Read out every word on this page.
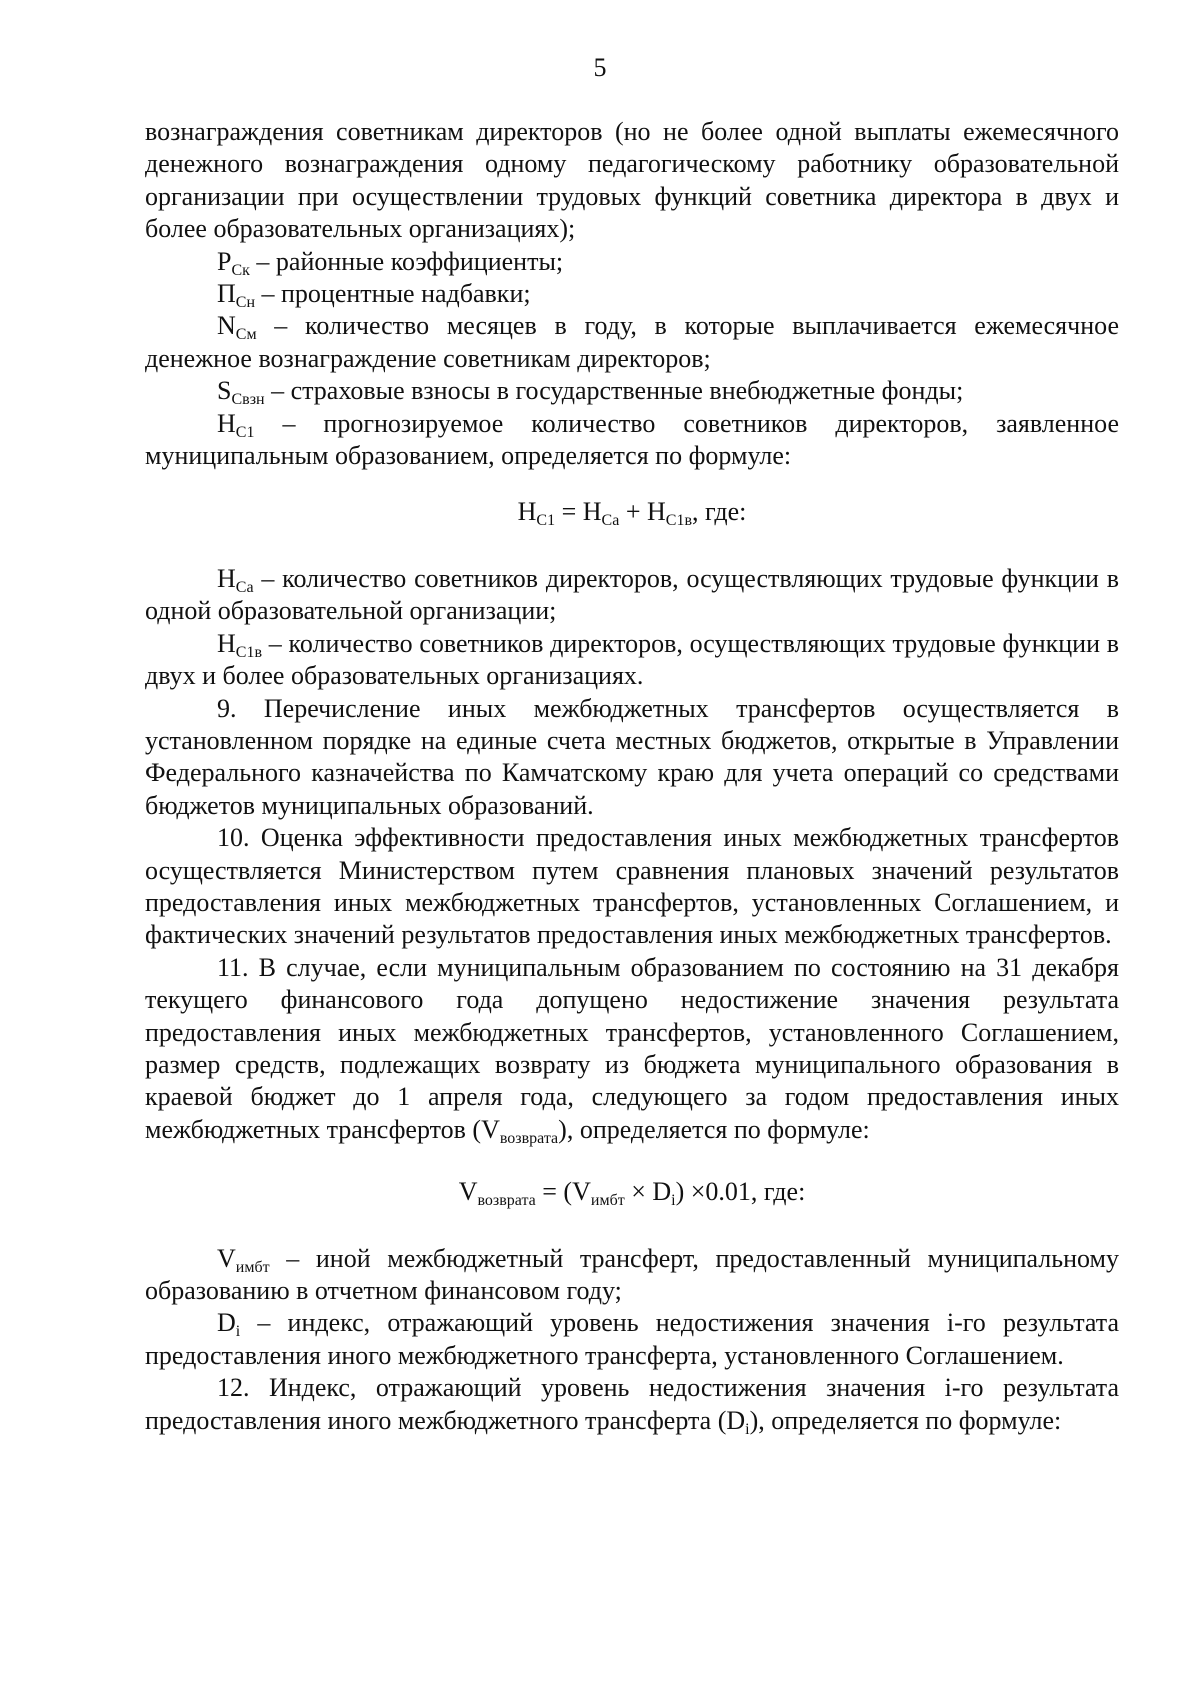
5

вознаграждения советникам директоров (но не более одной выплаты ежемесячного денежного вознаграждения одному педагогическому работнику образовательной организации при осуществлении трудовых функций советника директора в двух и более образовательных организациях);

$Р_{Ск}$ – районные коэффициенты;

$П_{Сн}$ – процентные надбавки;

$N_{См}$ – количество месяцев в году, в которые выплачивается ежемесячное денежное вознаграждение советникам директоров;

$S_{Свзн}$ – страховые взносы в государственные внебюджетные фонды;

$Н_{С1}$ – прогнозируемое количество советников директоров, заявленное муниципальным образованием, определяется по формуле:

$Н_{С1} = Н_{Са} + Н_{С1в}$, где:

$Н_{Са}$ – количество советников директоров, осуществляющих трудовые функции в одной образовательной организации;

$Н_{С1в}$ – количество советников директоров, осуществляющих трудовые функции в двух и более образовательных организациях.

9. Перечисление иных межбюджетных трансфертов осуществляется в установленном порядке на единые счета местных бюджетов, открытые в Управлении Федерального казначейства по Камчатскому краю для учета операций со средствами бюджетов муниципальных образований.

10. Оценка эффективности предоставления иных межбюджетных трансфертов осуществляется Министерством путем сравнения плановых значений результатов предоставления иных межбюджетных трансфертов, установленных Соглашением, и фактических значений результатов предоставления иных межбюджетных трансфертов.

11. В случае, если муниципальным образованием по состоянию на 31 декабря текущего финансового года допущено недостижение значения результата предоставления иных межбюджетных трансфертов, установленного Соглашением, размер средств, подлежащих возврату из бюджета муниципального образования в краевой бюджет до 1 апреля года, следующего за годом предоставления иных межбюджетных трансфертов $(V_{возврата})$, определяется по формуле:

$V_{возврата} = (V_{имбт} \times D_i) \times 0.01$, где:

$V_{имбт}$ – иной межбюджетный трансферт, предоставленный муниципальному образованию в отчетном финансовом году;

$D_i$ – индекс, отражающий уровень недостижения значения i-го результата предоставления иного межбюджетного трансферта, установленного Соглашением.

12. Индекс, отражающий уровень недостижения значения i-го результата предоставления иного межбюджетного трансферта $(D_i)$, определяется по формуле:
